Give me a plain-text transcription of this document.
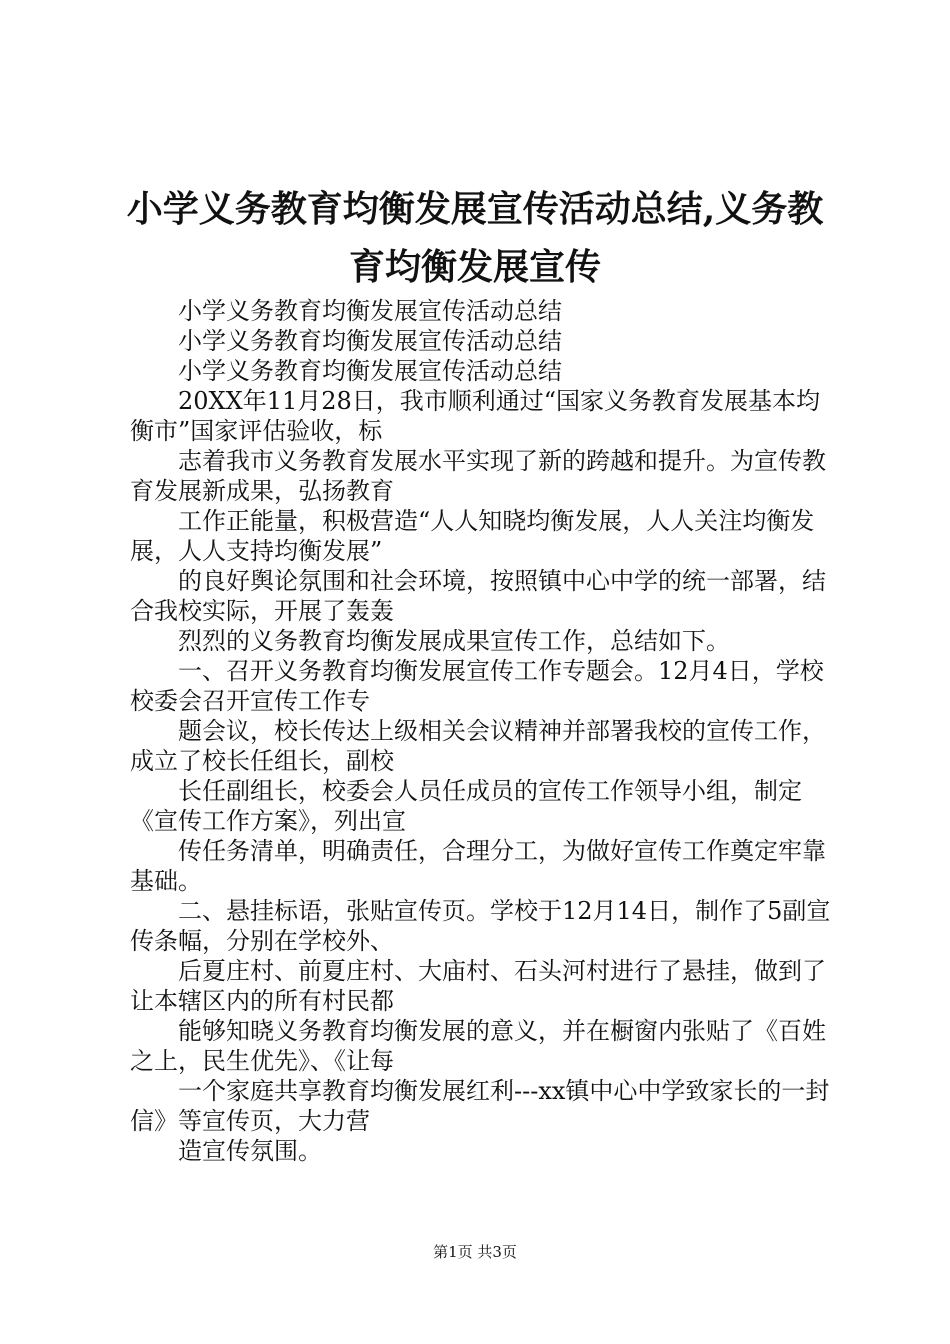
小学义务教育均衡发展宣传活动总结,义务教育均衡发展宣传

小学义务教育均衡发展宣传活动总结

小学义务教育均衡发展宣传活动总结

小学义务教育均衡发展宣传活动总结

20XX年11月28日，我市顺利通过“国家义务教育发展基本均衡市”国家评估验收，标

志着我市义务教育发展水平实现了新的跨越和提升。为宣传教育发展新成果，弘扬教育

工作正能量，积极营造“人人知晓均衡发展，人人关注均衡发展，人人支持均衡发展”

的良好舆论氛围和社会环境，按照镇中心中学的统一部署，结合我校实际，开展了轰轰

烈烈的义务教育均衡发展成果宣传工作，总结如下。

一、召开义务教育均衡发展宣传工作专题会。12月4日，学校校委会召开宣传工作专

题会议，校长传达上级相关会议精神并部署我校的宣传工作，成立了校长任组长，副校

长任副组长，校委会人员任成员的宣传工作领导小组，制定《宣传工作方案》，列出宣

传任务清单，明确责任，合理分工，为做好宣传工作奠定牢靠基础。

二、悬挂标语，张贴宣传页。学校于12月14日，制作了5副宣传条幅，分别在学校外、

后夏庄村、前夏庄村、大庙村、石头河村进行了悬挂，做到了让本辖区内的所有村民都

能够知晓义务教育均衡发展的意义，并在橱窗内张贴了《百姓之上，民生优先》、《让每

一个家庭共享教育均衡发展红利---xx镇中心中学致家长的一封信》等宣传页，大力营

造宣传氛围。

第1页 共3页
